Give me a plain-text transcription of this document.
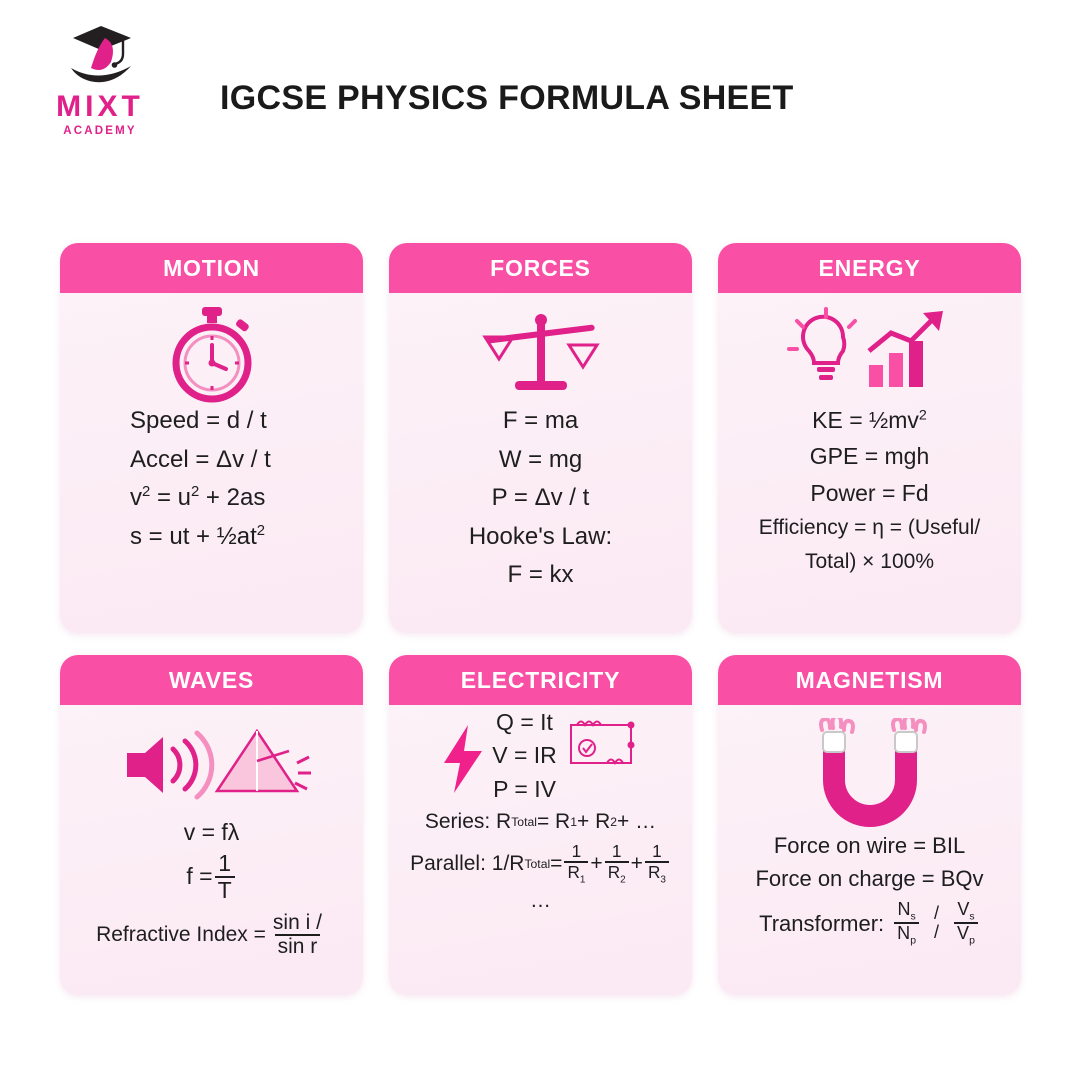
MIXT
ACADEMY
IGCSE PHYSICS FORMULA SHEET
MOTION
Speed = d / t
Accel = Δv / t
$v^2 = u^2 + 2as$
s = ut + $\frac{1}{2}at^2$
FORCES
F = ma
W = mg
P = Δv / t
Hooke's Law:
F = kx
ENERGY
KE = $\frac{1}{2}mv^2$
GPE = mgh
Power = Fd
Efficiency = η = (Useful/
Total) × 100%
WAVES
v = fλ
$f = \frac{1}{T}$
Refractive Index = $\frac{\text{sin i /}}{\text{sin r}}$
ELECTRICITY
Q = It
V = IR
P = IV
Series: R Total = R 1 + R 2 + …
Parallel: 1/R Total = $\frac{1}{R_1} + \frac{1}{R_2} + \frac{1}{R_3}$
…
MAGNETISM
Force on wire = BIL
Force on charge = BQv
Transformer: $\frac{N_s}{N_p}$ /
/ $\frac{V_s}{V_p}$
